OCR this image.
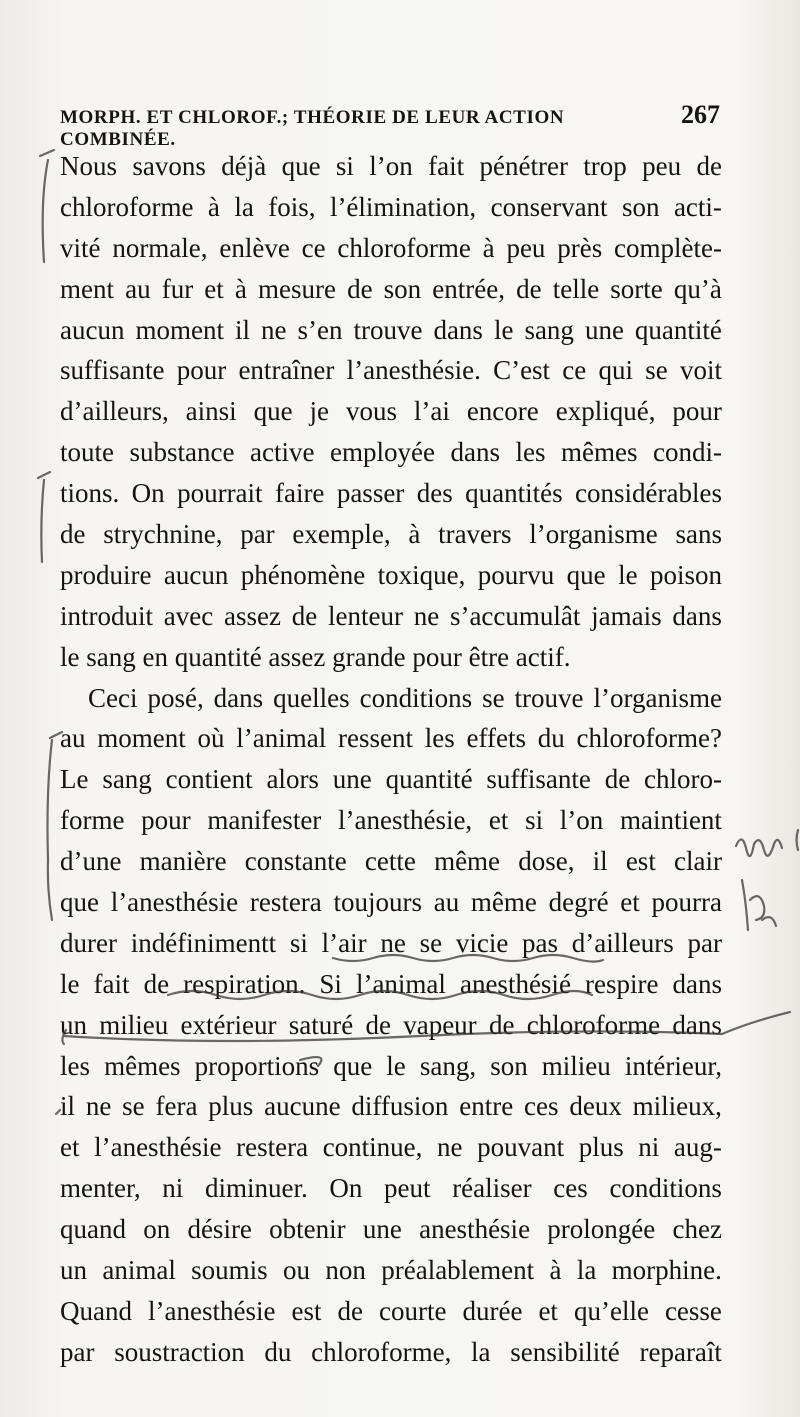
MORPH. ET CHLOROF.; THÉORIE DE LEUR ACTION COMBINÉE.
267
Nous savons déjà que si l’on fait pénétrer trop peu de
chloroforme à la fois, l’élimination, conservant son acti-
vité normale, enlève ce chloroforme à peu près complète-
ment au fur et à mesure de son entrée, de telle sorte qu’à
aucun moment il ne s’en trouve dans le sang une quantité
suffisante pour entraîner l’anesthésie. C’est ce qui se voit
d’ailleurs, ainsi que je vous l’ai encore expliqué, pour
toute substance active employée dans les mêmes condi-
tions. On pourrait faire passer des quantités considérables
de strychnine, par exemple, à travers l’organisme sans
produire aucun phénomène toxique, pourvu que le poison
introduit avec assez de lenteur ne s’accumulât jamais dans
le sang en quantité assez grande pour être actif.
Ceci posé, dans quelles conditions se trouve l’organisme
au moment où l’animal ressent les effets du chloroforme?
Le sang contient alors une quantité suffisante de chloro-
forme pour manifester l’anesthésie, et si l’on maintient
d’une manière constante cette même dose, il est clair
que l’anesthésie restera toujours au même degré et pourra
durer indéfinimentt si l’air ne se vicie pas d’ailleurs par
le fait de respiration. Si l’animal anesthésié respire dans
un milieu extérieur saturé de vapeur de chloroforme dans
les mêmes proportions que le sang, son milieu intérieur,
il ne se fera plus aucune diffusion entre ces deux milieux,
et l’anesthésie restera continue, ne pouvant plus ni aug-
menter, ni diminuer. On peut réaliser ces conditions
quand on désire obtenir une anesthésie prolongée chez
un animal soumis ou non préalablement à la morphine.
Quand l’anesthésie est de courte durée et qu’elle cesse
par soustraction du chloroforme, la sensibilité reparaît
